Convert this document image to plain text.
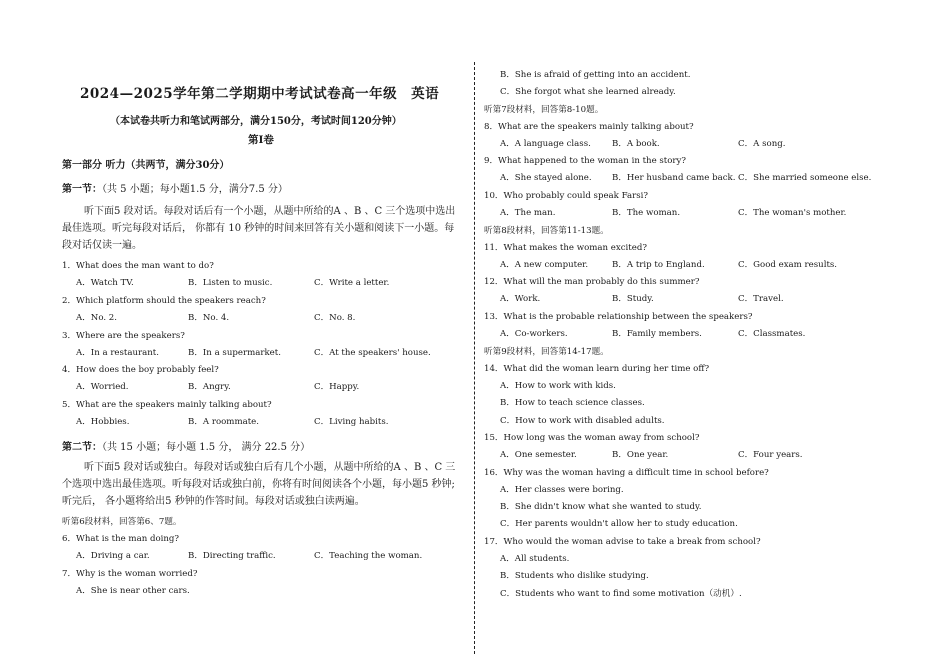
2024—2025学年第二学期期中考试试卷高一年级　英语
（本试卷共听力和笔试两部分，满分150分，考试时间120分钟）
第Ⅰ卷
第一部分 听力（共两节，满分30分）
第一节：（共 5 小题；每小题1.5 分，满分7.5 分）
听下面5 段对话。每段对话后有一个小题，从题中所给的A 、B 、C 三个选项中选出最佳选项。听完每段对话后， 你都有 10 秒钟的时间来回答有关小题和阅读下一小题。每段对话仅读一遍。
1．What does the man want to do?
A．Watch TV.	B．Listen to music.	C．Write a letter.
2．Which platform should the speakers reach?
A．No. 2.	B．No. 4.	C．No. 8.
3．Where are the speakers?
A．In a restaurant.	B．In a supermarket.	C．At the speakers' house.
4．How does the boy probably feel?
A．Worried.	B．Angry.	C．Happy.
5．What are the speakers mainly talking about?
A．Hobbies.	B．A roommate.	C．Living habits.
第二节：（共 15 小题；每小题 1.5 分， 满分 22.5 分）
听下面5 段对话或独白。每段对话或独白后有几个小题，从题中所给的A 、B 、C 三个选项中选出最佳选项。听每段对话或独白前，你将有时间阅读各个小题，每小题5 秒钟;听完后， 各小题将给出5 秒钟的作答时间。每段对话或独白读两遍。
听第6段材料，回答第6、7题。
6．What is the man doing?
A．Driving a car.	B．Directing traffic.	C．Teaching the woman.
7．Why is the woman worried?
A．She is near other cars.
B．She is afraid of getting into an accident.
C．She forgot what she learned already.
听第7段材料，回答第8-10题。
8．What are the speakers mainly talking about?
A．A language class. B．A book.	C．A song.
9．What happened to the woman in the story?
A．She stayed alone. B．Her husband came back. C．She married someone else.
10．Who probably could speak Farsi?
A．The man.	B．The woman.	C．The woman's mother.
听第8段材料，回答第11-13题。
11．What makes the woman excited?
A．A new computer.	B．A trip to England.	C．Good exam results.
12．What will the man probably do this summer?
A．Work.	B．Study.	C．Travel.
13．What is the probable relationship between the speakers?
A．Co-workers.	B．Family members.	C．Classmates.
听第9段材料，回答第14-17题。
14．What did the woman learn during her time off?
A．How to work with kids.
B．How to teach science classes.
C．How to work with disabled adults.
15．How long was the woman away from school?
A．One semester.	B．One year.	C．Four years.
16．Why was the woman having a difficult time in school before?
A．Her classes were boring.
B．She didn't know what she wanted to study.
C．Her parents wouldn't allow her to study education.
17．Who would the woman advise to take a break from school?
A．All students.
B．Students who dislike studying.
C．Students who want to find some motivation（动机）.
